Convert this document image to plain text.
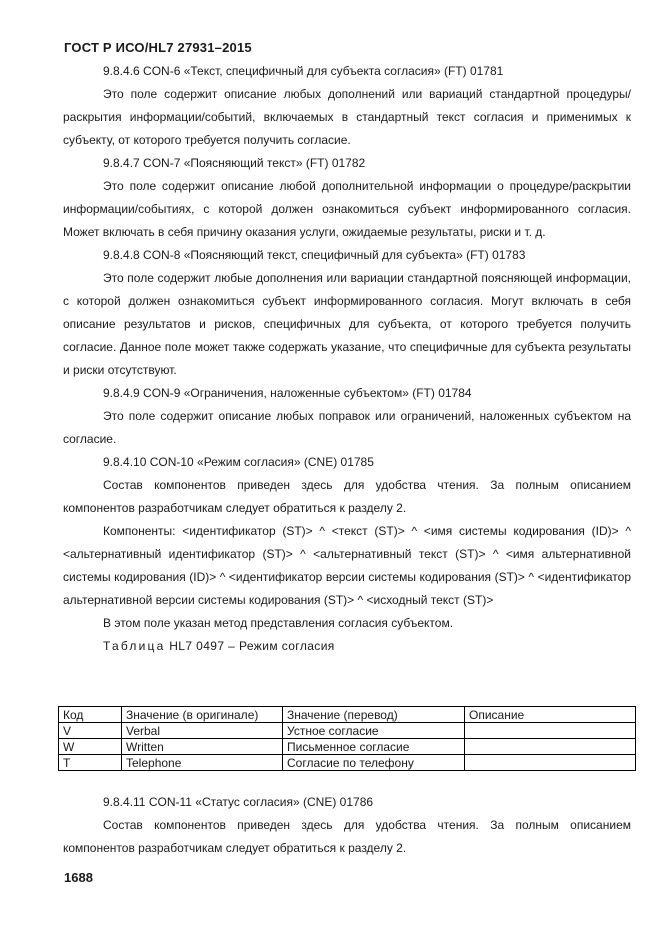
ГОСТ Р ИСО/HL7 27931–2015

9.8.4.6 CON-6 «Текст, специфичный для субъекта согласия» (FT) 01781

Это поле содержит описание любых дополнений или вариаций стандартной процедуры/раскрытия информации/событий, включаемых в стандартный текст согласия и применимых к субъекту, от которого требуется получить согласие.

9.8.4.7 CON-7 «Поясняющий текст» (FT) 01782

Это поле содержит описание любой дополнительной информации о процедуре/раскрытии информации/событиях, с которой должен ознакомиться субъект информированного согласия. Может включать в себя причину оказания услуги, ожидаемые результаты, риски и т. д.

9.8.4.8 CON-8 «Поясняющий текст, специфичный для субъекта» (FT) 01783

Это поле содержит любые дополнения или вариации стандартной поясняющей информации, с которой должен ознакомиться субъект информированного согласия. Могут включать в себя описание результатов и рисков, специфичных для субъекта, от которого требуется получить согласие. Данное поле может также содержать указание, что специфичные для субъекта результаты и риски отсутствуют.

9.8.4.9 CON-9 «Ограничения, наложенные субъектом» (FT) 01784

Это поле содержит описание любых поправок или ограничений, наложенных субъектом на согласие.

9.8.4.10 CON-10 «Режим согласия» (CNE) 01785

Состав компонентов приведен здесь для удобства чтения. За полным описанием компонентов разработчикам следует обратиться к разделу 2.

Компоненты: <идентификатор (ST)> ^ <текст (ST)> ^ <имя системы кодирования (ID)> ^ <альтернативный идентификатор (ST)> ^ <альтернативный текст (ST)> ^ <имя альтернативной системы кодирования (ID)> ^ <идентификатор версии системы кодирования (ST)> ^ <идентификатор альтернативной версии системы кодирования (ST)> ^ <исходный текст (ST)>

В этом поле указан метод представления согласия субъектом.

Таблица HL7 0497 – Режим согласия

Код	Значение (в оригинале)	Значение (перевод)	Описание
V	Verbal	Устное согласие	
W	Written	Письменное согласие	
T	Telephone	Согласие по телефону	

9.8.4.11 CON-11 «Статус согласия» (CNE) 01786

Состав компонентов приведен здесь для удобства чтения. За полным описанием компонентов разработчикам следует обратиться к разделу 2.

1688
